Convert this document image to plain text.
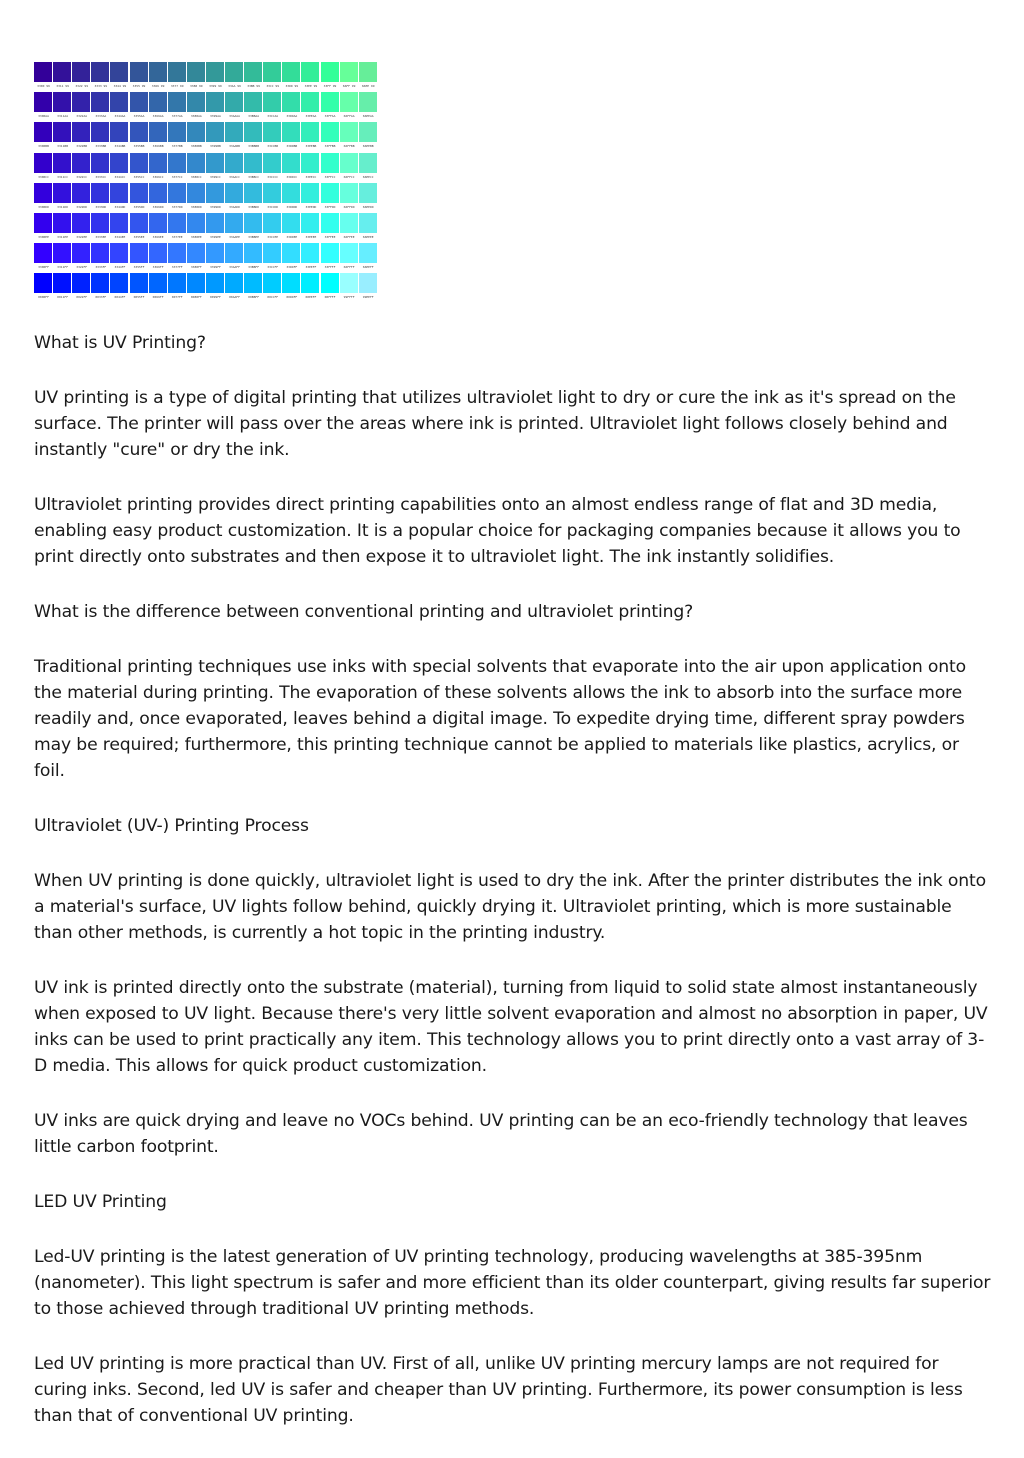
3300 99	3311 99	3322 99	3333 99	3344 99	3355 99	3366 99	3377 99	3388 99	3399 99	33AA 99	33BB 99	33CC 99	33DD 99	33EE 99	33FF 99	66FF 99	66EE 99
3300AA	3311AA	3322AA	3333AA	3344AA	3355AA	3366AA	3377AA	3388AA	3399AA	33AAAA	33BBAA	33CCAA	33DDAA	33EEAA	33FFAA	66FFAA	66EEAA
3300BB	3311BB	3322BB	3333BB	3344BB	3355BB	3366BB	3377BB	3388BB	3399BB	33AABB	33BBBB	33CCBB	33DDBB	33EEBB	33FFBB	66FFBB	66EEBB
3300CC	3311CC	3322CC	3333CC	3344CC	3355CC	3366CC	3377CC	3388CC	3399CC	33AACC	33BBCC	33CCCC	33DDCC	33EECC	33FFCC	66FFCC	66EECC
3300DD	3311DD	3322DD	3333DD	3344DD	3355DD	3366DD	3377DD	3388DD	3399DD	33AADD	33BBDD	33CCDD	33DDDD	33EEDD	33FFDD	66FFDD	66EEDD
3300EE	3311EE	3322EE	3333EE	3344EE	3355EE	3366EE	3377EE	3388EE	3399EE	33AAEE	33BBEE	33CCEE	33DDEE	33EEEE	33FFEE	66FFEE	66EEEE
3300FF	3311FF	3322FF	3333FF	3344FF	3355FF	3366FF	3377FF	3388FF	3399FF	33AAFF	33BBFF	33CCFF	33DDFF	33EEFF	33FFFF	66FFFF	66EEFF
0000FF	0011FF	0022FF	0033FF	0044FF	0055FF	0066FF	0077FF	0088FF	0099FF	00AAFF	00BBFF	00CCFF	00DDFF	00EEFF	00FFFF	99FFFF	99EEFF

What is UV Printing?

UV printing is a type of digital printing that utilizes ultraviolet light to dry or cure the ink as it's spread on the surface. The printer will pass over the areas where ink is printed. Ultraviolet light follows closely behind and instantly "cure" or dry the ink.

Ultraviolet printing provides direct printing capabilities onto an almost endless range of flat and 3D media, enabling easy product customization. It is a popular choice for packaging companies because it allows you to print directly onto substrates and then expose it to ultraviolet light. The ink instantly solidifies.

What is the difference between conventional printing and ultraviolet printing?

Traditional printing techniques use inks with special solvents that evaporate into the air upon application onto the material during printing. The evaporation of these solvents allows the ink to absorb into the surface more readily and, once evaporated, leaves behind a digital image. To expedite drying time, different spray powders may be required; furthermore, this printing technique cannot be applied to materials like plastics, acrylics, or foil.

Ultraviolet (UV-) Printing Process

When UV printing is done quickly, ultraviolet light is used to dry the ink. After the printer distributes the ink onto a material's surface, UV lights follow behind, quickly drying it. Ultraviolet printing, which is more sustainable than other methods, is currently a hot topic in the printing industry.

UV ink is printed directly onto the substrate (material), turning from liquid to solid state almost instantaneously when exposed to UV light. Because there's very little solvent evaporation and almost no absorption in paper, UV inks can be used to print practically any item. This technology allows you to print directly onto a vast array of 3-D media. This allows for quick product customization.

UV inks are quick drying and leave no VOCs behind. UV printing can be an eco-friendly technology that leaves little carbon footprint.

LED UV Printing

Led-UV printing is the latest generation of UV printing technology, producing wavelengths at 385-395nm (nanometer). This light spectrum is safer and more efficient than its older counterpart, giving results far superior to those achieved through traditional UV printing methods.

Led UV printing is more practical than UV. First of all, unlike UV printing mercury lamps are not required for curing inks. Second, led UV is safer and cheaper than UV printing. Furthermore, its power consumption is less than that of conventional UV printing.
